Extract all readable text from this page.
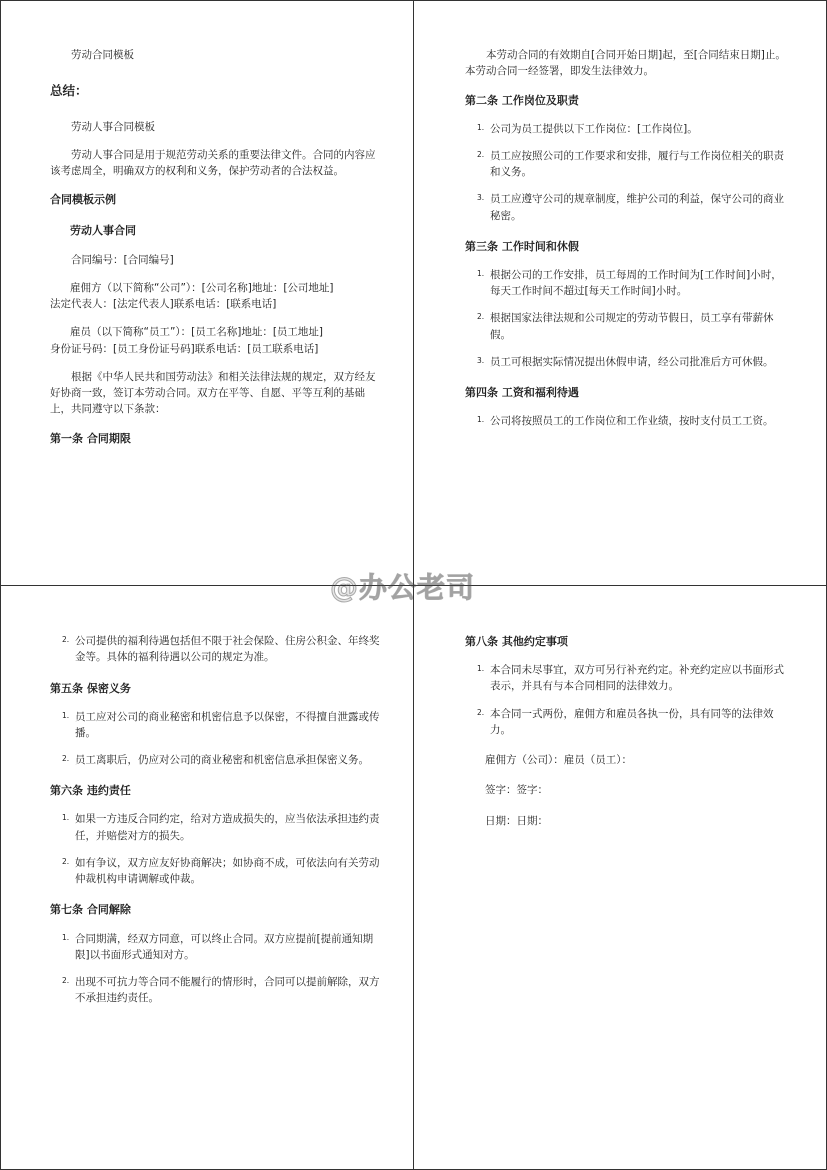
劳动合同模板
总结：
劳动人事合同模板
劳动人事合同是用于规范劳动关系的重要法律文件。合同的内容应该考虑周全，明确双方的权利和义务，保护劳动者的合法权益。
合同模板示例
劳动人事合同
合同编号：[合同编号]
雇佣方（以下简称“公司”）：[公司名称]地址：[公司地址]
法定代表人：[法定代表人]联系电话：[联系电话]
雇员（以下简称“员工”）：[员工名称]地址：[员工地址]
身份证号码：[员工身份证号码]联系电话：[员工联系电话]
根据《中华人民共和国劳动法》和相关法律法规的规定，双方经友好协商一致，签订本劳动合同。双方在平等、自愿、平等互利的基础上，共同遵守以下条款：
第一条 合同期限
本劳动合同的有效期自[合同开始日期]起，至[合同结束日期]止。本劳动合同一经签署，即发生法律效力。
第二条 工作岗位及职责
1. 公司为员工提供以下工作岗位：[工作岗位]。
2. 员工应按照公司的工作要求和安排，履行与工作岗位相关的职责和义务。
3. 员工应遵守公司的规章制度，维护公司的利益，保守公司的商业秘密。
第三条 工作时间和休假
1. 根据公司的工作安排，员工每周的工作时间为[工作时间]小时，每天工作时间不超过[每天工作时间]小时。
2. 根据国家法律法规和公司规定的劳动节假日，员工享有带薪休假。
3. 员工可根据实际情况提出休假申请，经公司批准后方可休假。
第四条 工资和福利待遇
1. 公司将按照员工的工作岗位和工作业绩，按时支付员工工资。
2. 公司提供的福利待遇包括但不限于社会保险、住房公积金、年终奖金等。具体的福利待遇以公司的规定为准。
第五条 保密义务
1. 员工应对公司的商业秘密和机密信息予以保密，不得擅自泄露或传播。
2. 员工离职后，仍应对公司的商业秘密和机密信息承担保密义务。
第六条 违约责任
1. 如果一方违反合同约定，给对方造成损失的，应当依法承担违约责任，并赔偿对方的损失。
2. 如有争议，双方应友好协商解决；如协商不成，可依法向有关劳动仲裁机构申请调解或仲裁。
第七条 合同解除
1. 合同期满，经双方同意，可以终止合同。双方应提前[提前通知期限]以书面形式通知对方。
2. 出现不可抗力等合同不能履行的情形时，合同可以提前解除，双方不承担违约责任。
第八条 其他约定事项
1. 本合同未尽事宜，双方可另行补充约定。补充约定应以书面形式表示，并具有与本合同相同的法律效力。
2. 本合同一式两份，雇佣方和雇员各执一份，具有同等的法律效力。
雇佣方（公司）：雇员（员工）：
签字：签字：
日期：日期：
@办公老司
